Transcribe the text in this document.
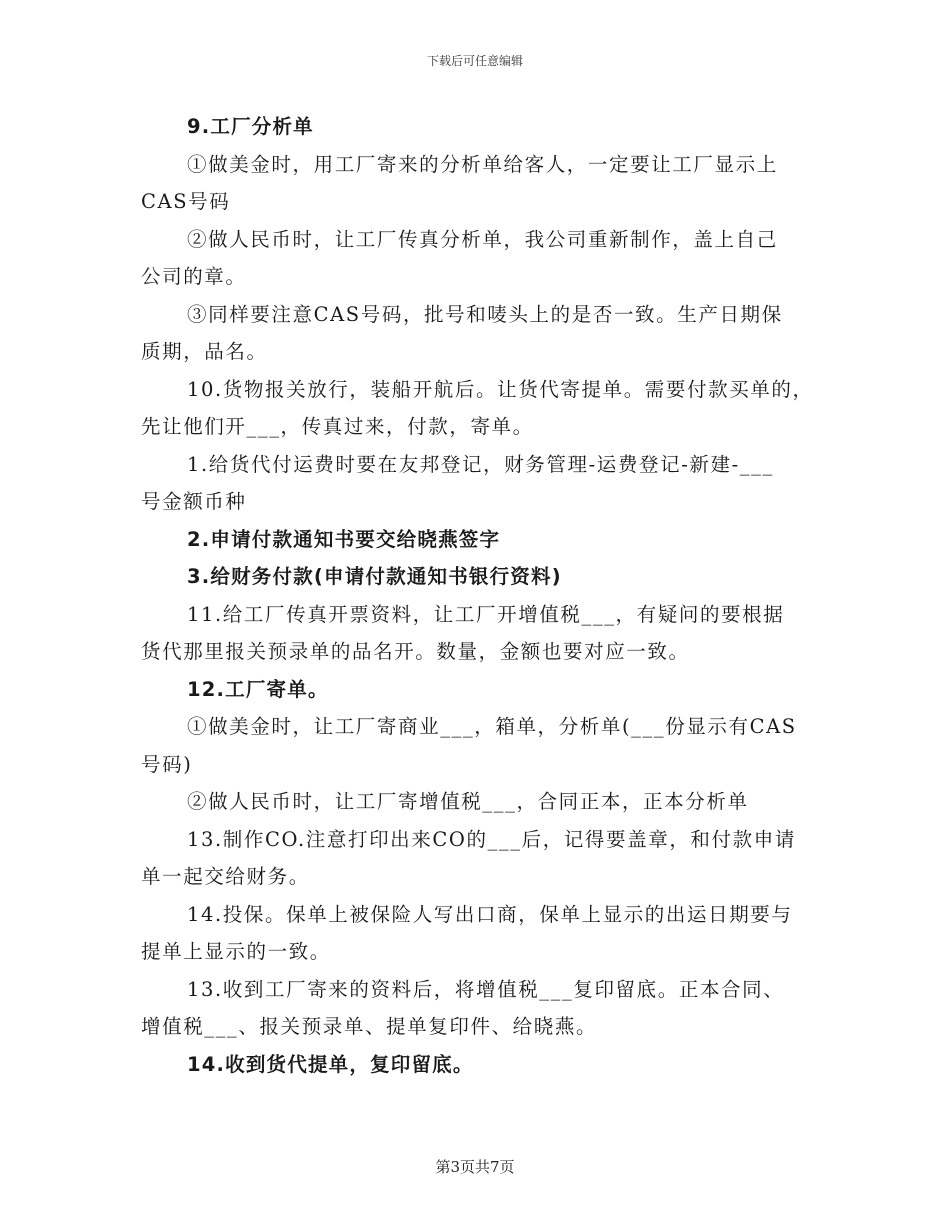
下载后可任意编辑
9.工厂分析单
①做美金时，用工厂寄来的分析单给客人，一定要让工厂显示上
CAS号码
②做人民币时，让工厂传真分析单，我公司重新制作，盖上自己
公司的章。
③同样要注意CAS号码，批号和唛头上的是否一致。生产日期保
质期，品名。
10.货物报关放行，装船开航后。让货代寄提单。需要付款买单的，
先让他们开___，传真过来，付款，寄单。
1.给货代付运费时要在友邦登记，财务管理-运费登记-新建-___
号金额币种
2.申请付款通知书要交给晓燕签字
3.给财务付款(申请付款通知书银行资料)
11.给工厂传真开票资料，让工厂开增值税___，有疑问的要根据
货代那里报关预录单的品名开。数量，金额也要对应一致。
12.工厂寄单。
①做美金时，让工厂寄商业___，箱单，分析单(___份显示有CAS
号码)
②做人民币时，让工厂寄增值税___，合同正本，正本分析单
13.制作CO.注意打印出来CO的___后，记得要盖章，和付款申请
单一起交给财务。
14.投保。保单上被保险人写出口商，保单上显示的出运日期要与
提单上显示的一致。
13.收到工厂寄来的资料后，将增值税___复印留底。正本合同、
增值税___、报关预录单、提单复印件、给晓燕。
14.收到货代提单，复印留底。
第3页共7页
